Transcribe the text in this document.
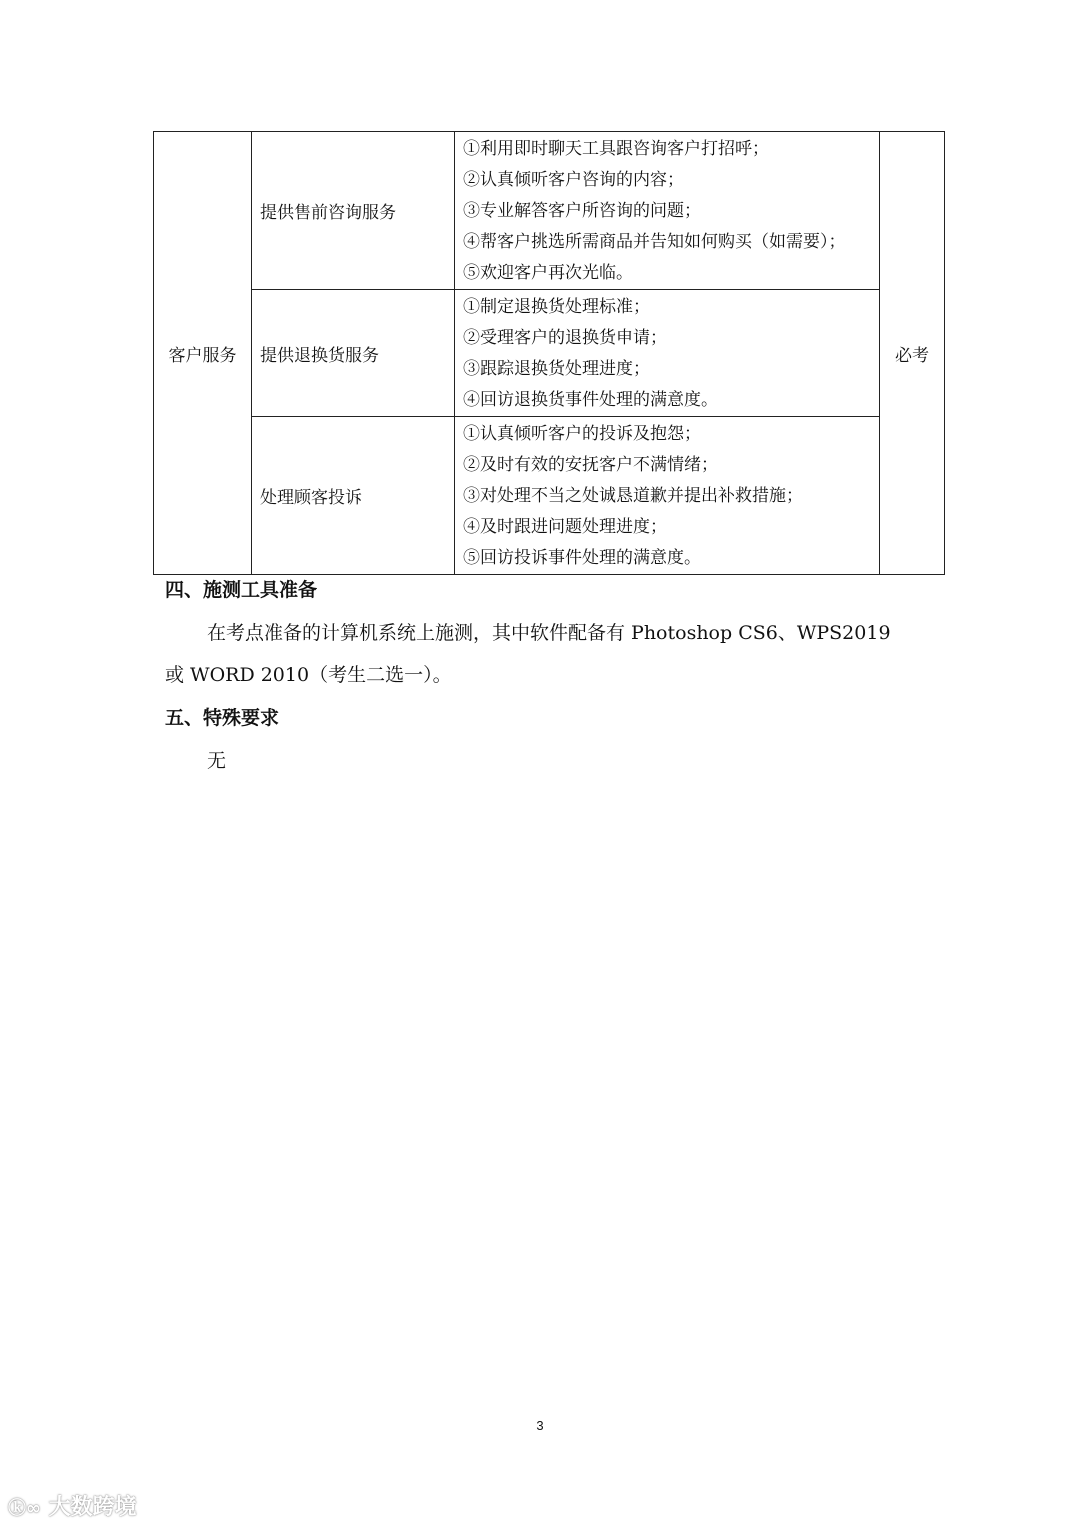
客户服务	提供售前咨询服务	①利用即时聊天工具跟咨询客户打招呼；
②认真倾听客户咨询的内容；
③专业解答客户所咨询的问题；
④帮客户挑选所需商品并告知如何购买（如需要）；
⑤欢迎客户再次光临。	必考
	提供退换货服务	①制定退换货处理标准；
②受理客户的退换货申请；
③跟踪退换货处理进度；
④回访退换货事件处理的满意度。	

	处理顾客投诉	①认真倾听客户的投诉及抱怨；
②及时有效的安抚客户不满情绪；
③对处理不当之处诚恳道歉并提出补救措施；
④及时跟进问题处理进度；
⑤回访投诉事件处理的满意度。	
四、施测工具准备
在考点准备的计算机系统上施测，其中软件配备有 Photoshop CS6、WPS2019
或 WORD 2010（考生二选一）。
五、特殊要求
无
3
ⓚ∞ 大数跨境
